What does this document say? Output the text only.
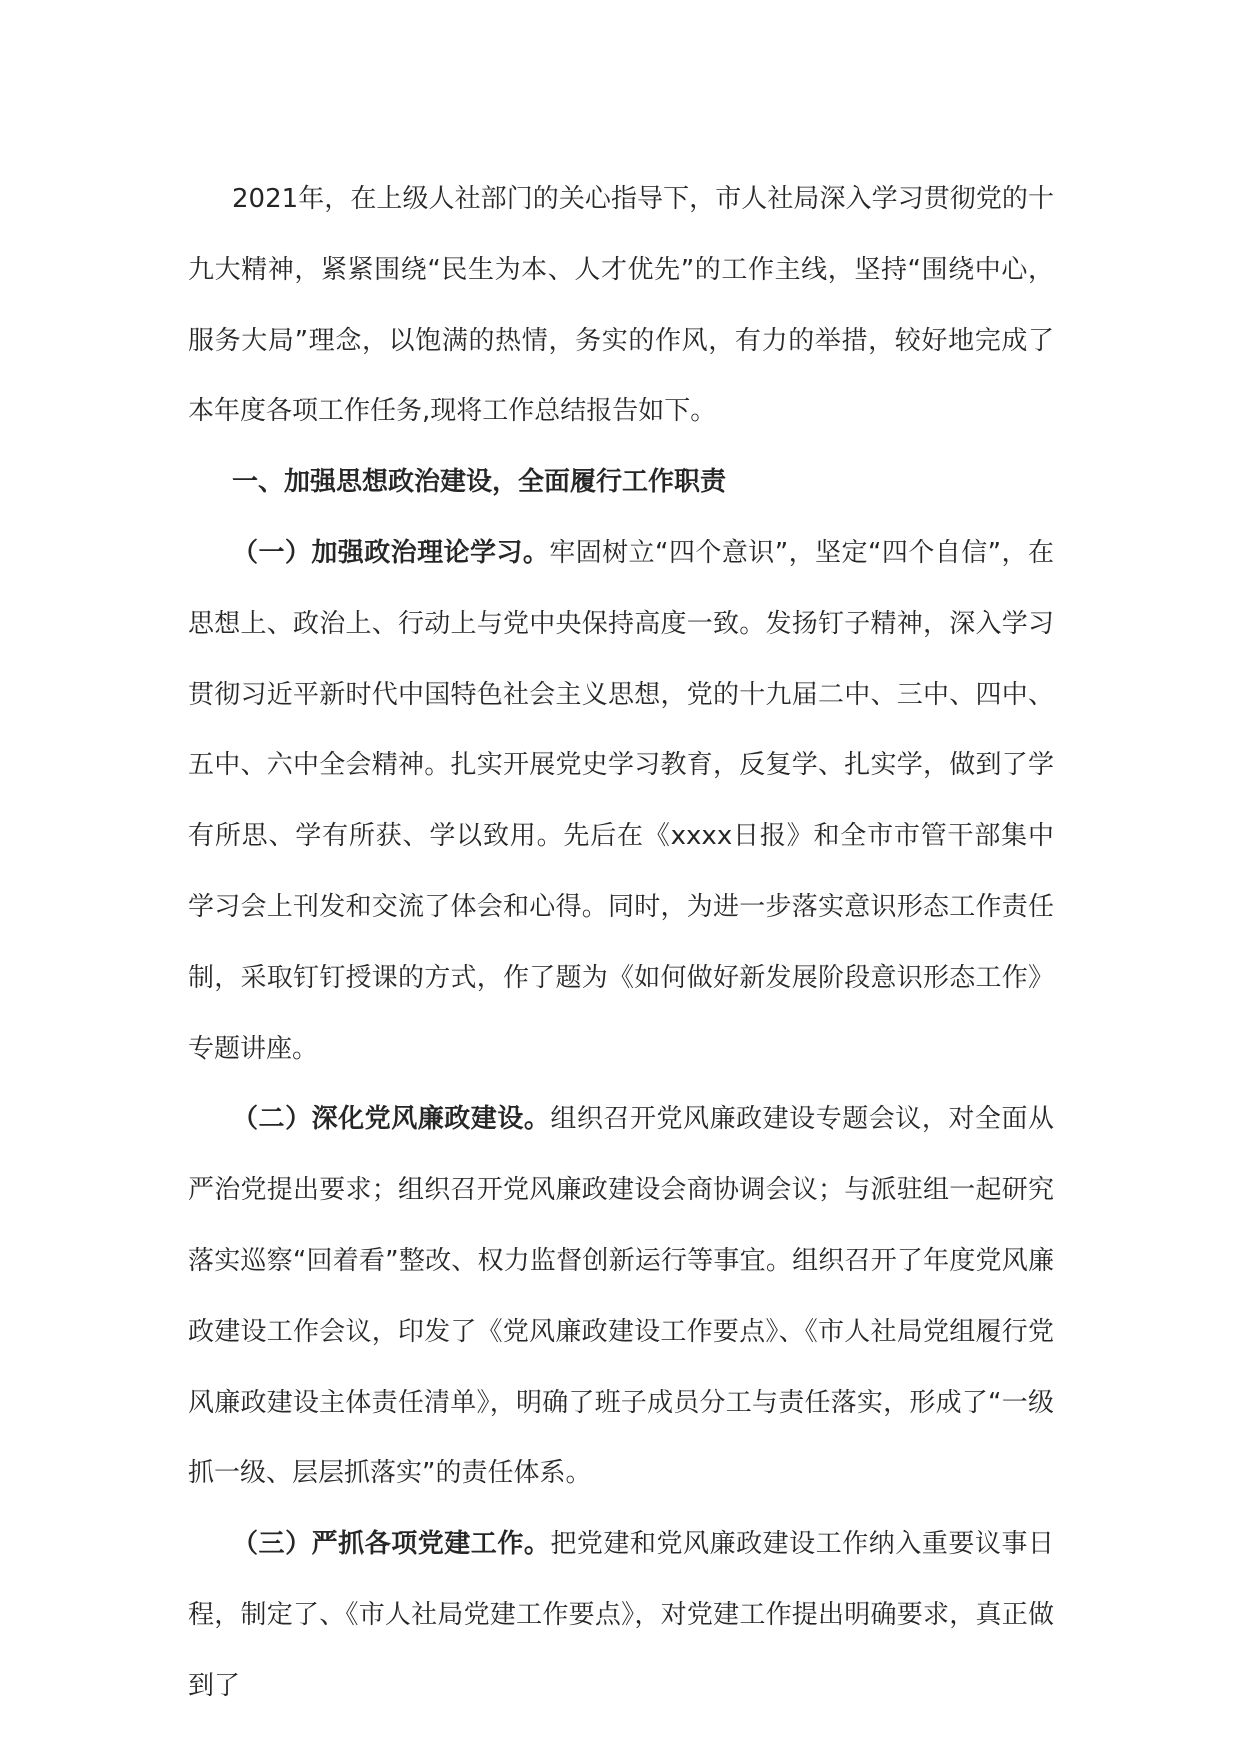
2021年，在上级人社部门的关心指导下，市人社局深入学习贯彻党的十九大精神，紧紧围绕“民生为本、人才优先”的工作主线，坚持“围绕中心，服务大局”理念，以饱满的热情，务实的作风，有力的举措，较好地完成了本年度各项工作任务,现将工作总结报告如下。

一、加强思想政治建设，全面履行工作职责

（一）加强政治理论学习。牢固树立“四个意识”，坚定“四个自信”，在思想上、政治上、行动上与党中央保持高度一致。发扬钉子精神，深入学习贯彻习近平新时代中国特色社会主义思想，党的十九届二中、三中、四中、五中、六中全会精神。扎实开展党史学习教育，反复学、扎实学，做到了学有所思、学有所获、学以致用。先后在《xxxx日报》和全市市管干部集中学习会上刊发和交流了体会和心得。同时，为进一步落实意识形态工作责任制，采取钉钉授课的方式，作了题为《如何做好新发展阶段意识形态工作》专题讲座。

（二）深化党风廉政建设。组织召开党风廉政建设专题会议，对全面从严治党提出要求；组织召开党风廉政建设会商协调会议；与派驻组一起研究落实巡察“回着看”整改、权力监督创新运行等事宜。组织召开了年度党风廉政建设工作会议，印发了《党风廉政建设工作要点》、《市人社局党组履行党风廉政建设主体责任清单》，明确了班子成员分工与责任落实，形成了“一级抓一级、层层抓落实”的责任体系。

（三）严抓各项党建工作。把党建和党风廉政建设工作纳入重要议事日程，制定了、《市人社局党建工作要点》，对党建工作提出明确要求，真正做到了
